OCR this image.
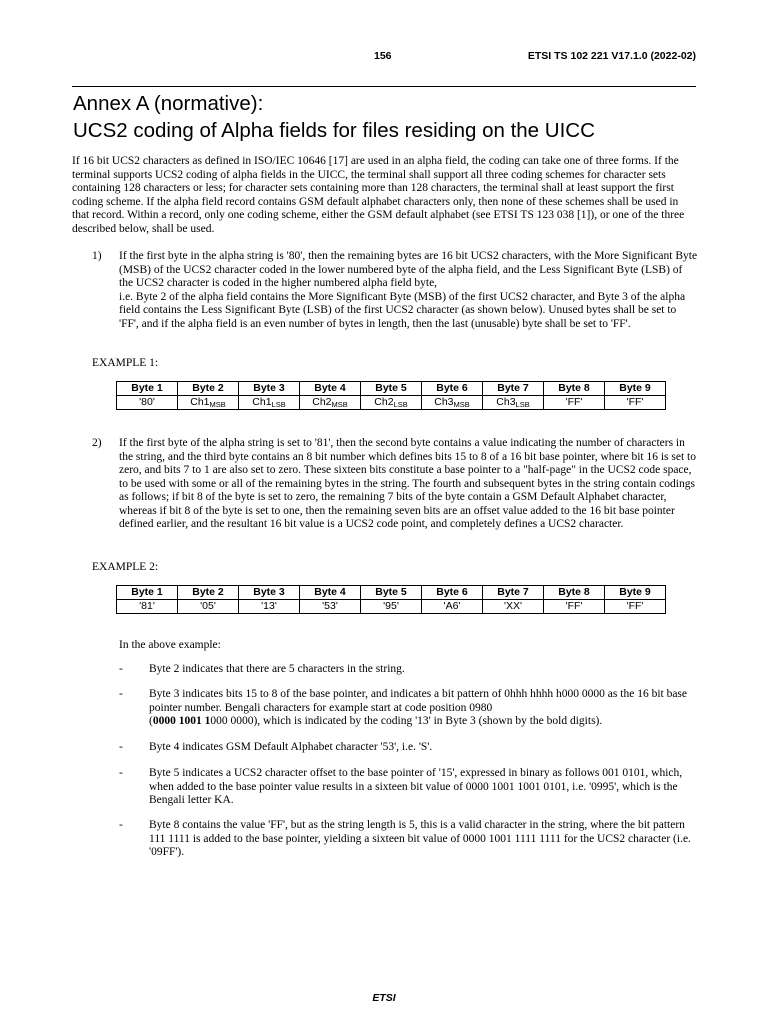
156	ETSI TS 102 221 V17.1.0 (2022-02)
Annex A (normative):
UCS2 coding of Alpha fields for files residing on the UICC
If 16 bit UCS2 characters as defined in ISO/IEC 10646 [17] are used in an alpha field, the coding can take one of three forms. If the terminal supports UCS2 coding of alpha fields in the UICC, the terminal shall support all three coding schemes for character sets containing 128 characters or less; for character sets containing more than 128 characters, the terminal shall at least support the first coding scheme. If the alpha field record contains GSM default alphabet characters only, then none of these schemes shall be used in that record. Within a record, only one coding scheme, either the GSM default alphabet (see ETSI TS 123 038 [1]), or one of the three described below, shall be used.
1) If the first byte in the alpha string is '80', then the remaining bytes are 16 bit UCS2 characters, with the More Significant Byte (MSB) of the UCS2 character coded in the lower numbered byte of the alpha field, and the Less Significant Byte (LSB) of the UCS2 character is coded in the higher numbered alpha field byte,
i.e. Byte 2 of the alpha field contains the More Significant Byte (MSB) of the first UCS2 character, and Byte 3 of the alpha field contains the Less Significant Byte (LSB) of the first UCS2 character (as shown below). Unused bytes shall be set to 'FF', and if the alpha field is an even number of bytes in length, then the last (unusable) byte shall be set to 'FF'.
EXAMPLE 1:
Byte 1	Byte 2	Byte 3	Byte 4	Byte 5	Byte 6	Byte 7	Byte 8	Byte 9
'80'	$Ch1_{MSB}$	$Ch1_{LSB}$	$Ch2_{MSB}$	$Ch2_{LSB}$	$Ch3_{MSB}$	$Ch3_{LSB}$	'FF'	'FF'
2) If the first byte of the alpha string is set to '81', then the second byte contains a value indicating the number of characters in the string, and the third byte contains an 8 bit number which defines bits 15 to 8 of a 16 bit base pointer, where bit 16 is set to zero, and bits 7 to 1 are also set to zero. These sixteen bits constitute a base pointer to a "half-page" in the UCS2 code space, to be used with some or all of the remaining bytes in the string. The fourth and subsequent bytes in the string contain codings as follows; if bit 8 of the byte is set to zero, the remaining 7 bits of the byte contain a GSM Default Alphabet character, whereas if bit 8 of the byte is set to one, then the remaining seven bits are an offset value added to the 16 bit base pointer defined earlier, and the resultant 16 bit value is a UCS2 code point, and completely defines a UCS2 character.
EXAMPLE 2:
Byte 1	Byte 2	Byte 3	Byte 4	Byte 5	Byte 6	Byte 7	Byte 8	Byte 9
'81'	'05'	'13'	'53'	'95'	'A6'	'XX'	'FF'	'FF'
In the above example:
- Byte 2 indicates that there are 5 characters in the string.
- Byte 3 indicates bits 15 to 8 of the base pointer, and indicates a bit pattern of 0hhh hhhh h000 0000 as the 16 bit base pointer number. Bengali characters for example start at code position 0980
(0000 1001 1000 0000), which is indicated by the coding '13' in Byte 3 (shown by the bold digits).
- Byte 4 indicates GSM Default Alphabet character '53', i.e. 'S'.
- Byte 5 indicates a UCS2 character offset to the base pointer of '15', expressed in binary as follows 001 0101, which, when added to the base pointer value results in a sixteen bit value of 0000 1001 1001 0101, i.e. '0995', which is the Bengali letter KA.
- Byte 8 contains the value 'FF', but as the string length is 5, this is a valid character in the string, where the bit pattern 111 1111 is added to the base pointer, yielding a sixteen bit value of 0000 1001 1111 1111 for the UCS2 character (i.e. '09FF').
ETSI
